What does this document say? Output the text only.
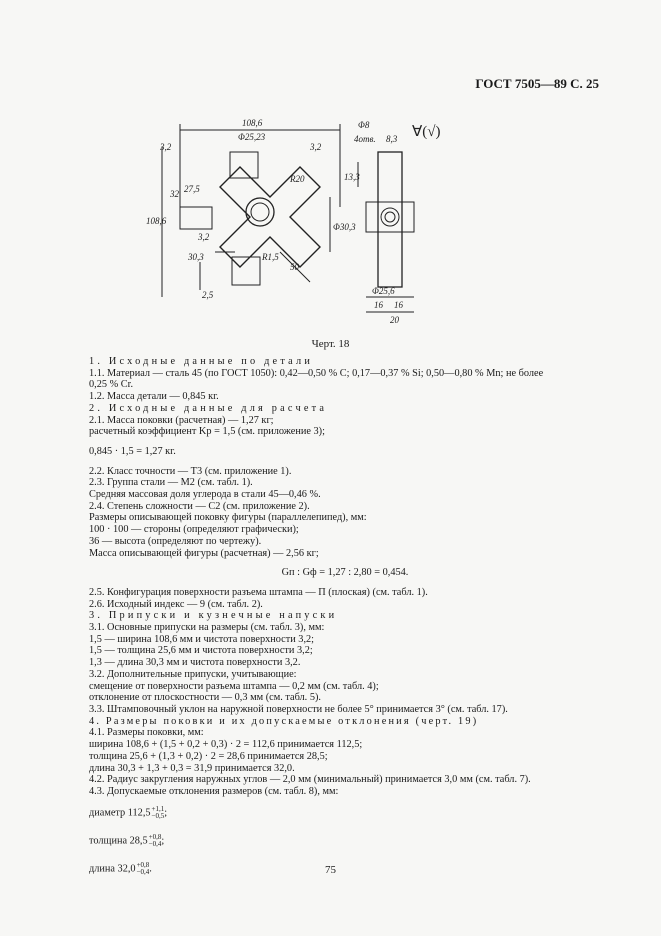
ГОСТ 7505—89 С. 25
108,6
Φ25,23
R20
27,5
32
30,3	R1,5
50
2,5
108,6
Φ30,3
3,2	3,2
3,2
Φ8
4отв. 8,3
13,3
Φ25,6
16 16
20
∀(√)
Черт. 18

1. Исходные данные по детали

1.1. Материал — сталь 45 (по ГОСТ 1050): 0,42—0,50 % С; 0,17—0,37 % Si; 0,50—0,80 % Mn; не более

0,25 % Cr.

1.2. Масса детали — 0,845 кг.

2. Исходные данные для расчета

2.1. Масса поковки (расчетная) — 1,27 кг;

расчетный коэффициент Kр = 1,5 (см. приложение 3);

0,845 · 1,5 = 1,27 кг.

2.2. Класс точности — Т3 (см. приложение 1).

2.3. Группа стали — М2 (см. табл. 1).

Средняя массовая доля углерода в стали 45—0,46 %.

2.4. Степень сложности — С2 (см. приложение 2).

Размеры описывающей поковку фигуры (параллелепипед), мм:

100 · 100 — стороны (определяют графически);

36 — высота (определяют по чертежу).

Масса описывающей фигуры (расчетная) — 2,56 кг;

Gп : Gф = 1,27 : 2,80 = 0,454.

2.5. Конфигурация поверхности разъема штампа — П (плоская) (см. табл. 1).

2.6. Исходный индекс — 9 (см. табл. 2).

3. Припуски и кузнечные напуски

3.1. Основные припуски на размеры (см. табл. 3), мм:

1,5 — ширина 108,6 мм и чистота поверхности 3,2;

1,5 — толщина 25,6 мм и чистота поверхности 3,2;

1,3 — длина 30,3 мм и чистота поверхности 3,2.

3.2. Дополнительные припуски, учитывающие:

смещение от поверхности разъема штампа — 0,2 мм (см. табл. 4);

отклонение от плоскостности — 0,3 мм (см. табл. 5).

3.3. Штамповочный уклон на наружной поверхности не более 5° принимается 3° (см. табл. 17).

4. Размеры поковки и их допускаемые отклонения (черт. 19)

4.1. Размеры поковки, мм:

ширина 108,6 + (1,5 + 0,2 + 0,3) · 2 = 112,6 принимается 112,5;

толщина 25,6 + (1,3 + 0,2) · 2 = 28,6 принимается 28,5;

длина 30,3 + 1,3 + 0,3 = 31,9 принимается 32,0.

4.2. Радиус закругления наружных углов — 2,0 мм (минимальный) принимается 3,0 мм (см. табл. 7).

4.3. Допускаемые отклонения размеров (см. табл. 8), мм:

диаметр 112,5 +1,1
−0,5 ;

толщина 28,5 +0,8
−0,4 ;

длина 32,0 +0,8
−0,4 .	75
